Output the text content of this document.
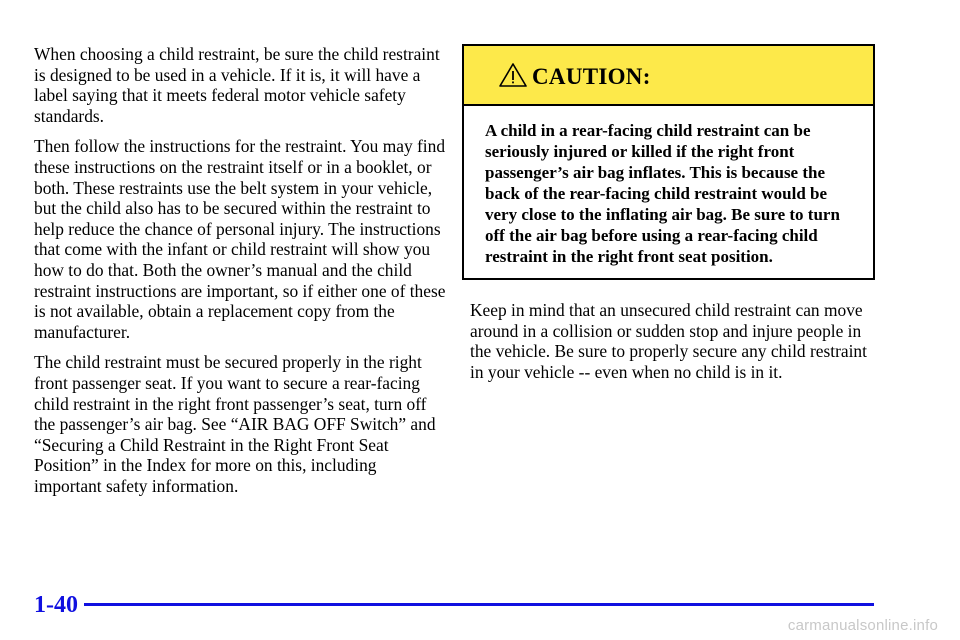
When choosing a child restraint, be sure the child restraint is designed to be used in a vehicle. If it is, it will have a label saying that it meets federal motor vehicle safety standards.

Then follow the instructions for the restraint. You may find these instructions on the restraint itself or in a booklet, or both. These restraints use the belt system in your vehicle, but the child also has to be secured within the restraint to help reduce the chance of personal injury. The instructions that come with the infant or child restraint will show you how to do that. Both the owner’s manual and the child restraint instructions are important, so if either one of these is not available, obtain a replacement copy from the manufacturer.

The child restraint must be secured properly in the right front passenger seat. If you want to secure a rear-facing child restraint in the right front passenger’s seat, turn off the passenger’s air bag. See “AIR BAG OFF Switch” and “Securing a Child Restraint in the Right Front Seat Position” in the Index for more on this, including important safety information.

CAUTION:
A child in a rear-facing child restraint can be seriously injured or killed if the right front passenger’s air bag inflates. This is because the back of the rear-facing child restraint would be very close to the inflating air bag. Be sure to turn off the air bag before using a rear-facing child restraint in the right front seat position.

Keep in mind that an unsecured child restraint can move around in a collision or sudden stop and injure people in the vehicle. Be sure to properly secure any child restraint in your vehicle -- even when no child is in it.

1-40
carmanualsonline.info
